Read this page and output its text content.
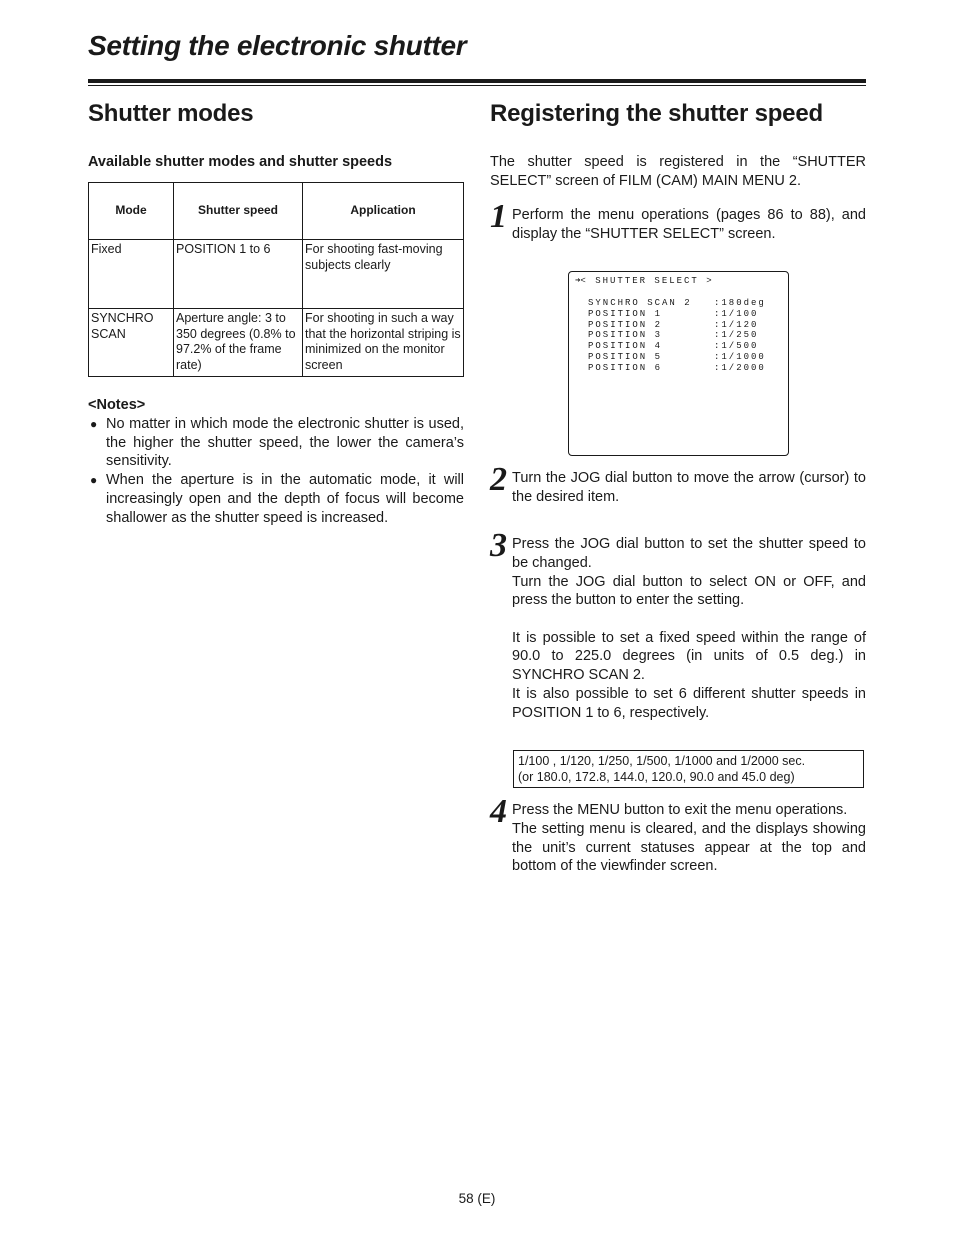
Setting the electronic shutter
Shutter modes
Available shutter modes and shutter speeds
Mode	Shutter speed	Application
Fixed	POSITION 1 to 6	For shooting fast-moving subjects clearly
SYNCHRO SCAN	Aperture angle: 3 to 350 degrees (0.8% to 97.2% of the frame rate)	For shooting in such a way that the horizontal striping is minimized on the monitor screen
<Notes>
● No matter in which mode the electronic shutter is used, the higher the shutter speed, the lower the camera’s sensitivity.
● When the aperture is in the automatic mode, it will increasingly open and the depth of focus will become shallower as the shutter speed is increased.
Registering the shutter speed
The shutter speed is registered in the “SHUTTER SELECT” screen of FILM (CAM) MAIN MENU 2.
1 Perform the menu operations (pages 86 to 88), and display the “SHUTTER SELECT” screen.

2 Turn the JOG dial button to move the arrow (cursor) to the desired item.

3 Press the JOG dial button to set the shutter speed to be changed.

Turn the JOG dial button to select ON or OFF, and press the button to enter the setting.

It is possible to set a fixed speed within the range of 90.0 to 225.0 degrees (in units of 0.5 deg.) in SYNCHRO SCAN 2.

It is also possible to set 6 different shutter speeds in POSITION 1 to 6, respectively.

4 Press the MENU button to exit the menu operations.

The setting menu is cleared, and the displays showing the unit’s current statuses appear at the top and bottom of the viewfinder screen.

➜< SHUTTER SELECT >
SYNCHRO SCAN 2 :180deg
POSITION 1	:1/100
POSITION 2	:1/120
POSITION 3	:1/250
POSITION 4	:1/500
POSITION 5	:1/1000
POSITION 6	:1/2000
1/100 , 1/120, 1/250, 1/500, 1/1000 and 1/2000 sec.
(or 180.0, 172.8, 144.0, 120.0, 90.0 and 45.0 deg)
58 (E)
